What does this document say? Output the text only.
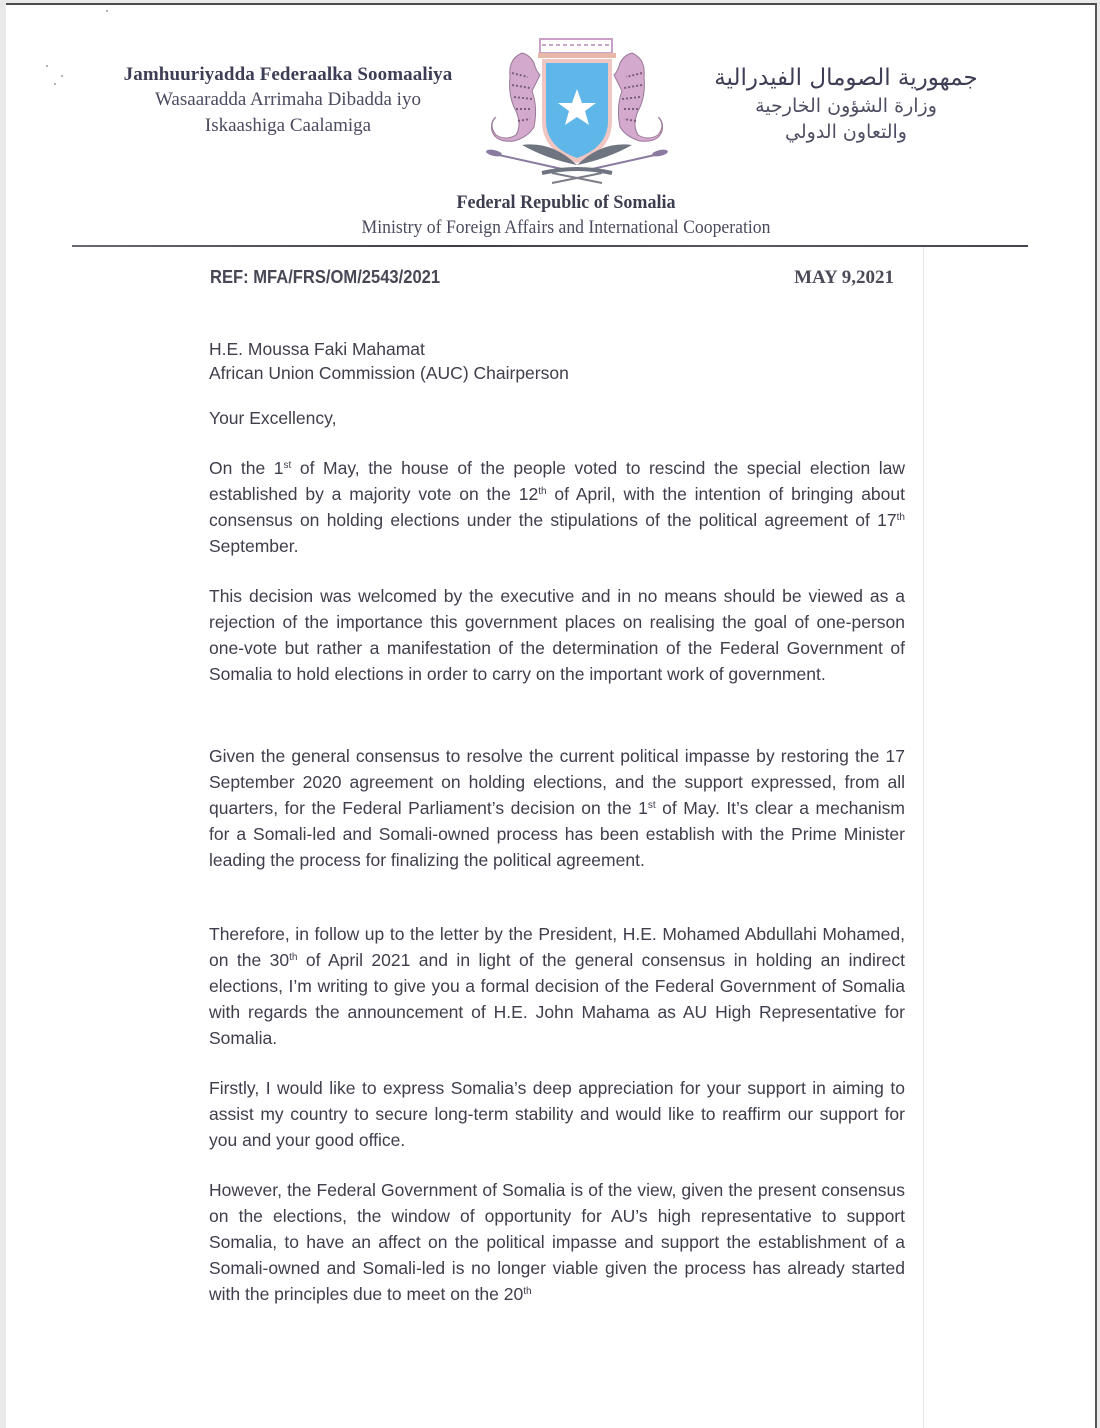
Jamhuuriyadda Federaalka Soomaaliya
Wasaaradda Arrimaha Dibadda iyo
Iskaashiga Caalamiga
جمهورية الصومال الفيدرالية
وزارة الشؤون الخارجية
والتعاون الدولي
Federal Republic of Somalia
Ministry of Foreign Affairs and International Cooperation
REF: MFA/FRS/OM/2543/2021	MAY 9,2021
H.E. Moussa Faki Mahamat
African Union Commission (AUC) Chairperson
Your Excellency,
On the 1st of May, the house of the people voted to rescind the special election law established by a majority vote on the 12th of April, with the intention of bringing about consensus on holding elections under the stipulations of the political agreement of 17th September.
This decision was welcomed by the executive and in no means should be viewed as a rejection of the importance this government places on realising the goal of one-person one-vote but rather a manifestation of the determination of the Federal Government of Somalia to hold elections in order to carry on the important work of government.
Given the general consensus to resolve the current political impasse by restoring the 17 September 2020 agreement on holding elections, and the support expressed, from all quarters, for the Federal Parliament’s decision on the 1st of May. It’s clear a mechanism for a Somali-led and Somali-owned process has been establish with the Prime Minister leading the process for finalizing the political agreement.
Therefore, in follow up to the letter by the President, H.E. Mohamed Abdullahi Mohamed, on the 30th of April 2021 and in light of the general consensus in holding an indirect elections, I’m writing to give you a formal decision of the Federal Government of Somalia with regards the announcement of H.E. John Mahama as AU High Representative for Somalia.
Firstly, I would like to express Somalia’s deep appreciation for your support in aiming to assist my country to secure long-term stability and would like to reaffirm our support for you and your good office.
However, the Federal Government of Somalia is of the view, given the present consensus on the elections, the window of opportunity for AU’s high representative to support Somalia, to have an affect on the political impasse and support the establishment of a Somali-owned and Somali-led is no longer viable given the process has already started with the principles due to meet on the 20th
